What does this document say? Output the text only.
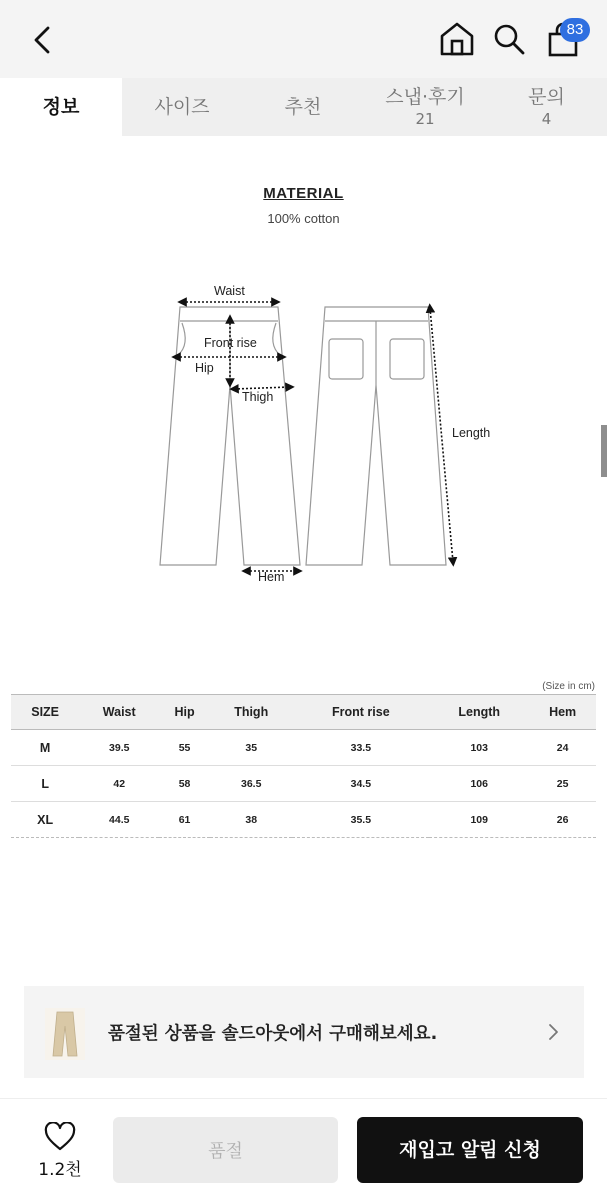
83
정보	사이즈	추천	스냅·후기
21
문의
4
MATERIAL
100% cotton
Waist
Front rise
Hip
Thigh
Length
Hem
(Size in cm)
SIZE	Waist	Hip	Thigh	Front rise	Length	Hem
M	39.5	55	35	33.5	103	24
L	42	58	36.5	34.5	106	25
XL	44.5	61	38	35.5	109	26
품절된 상품을 솔드아웃에서 구매해보세요.
1.2천
품절	재입고 알림 신청
